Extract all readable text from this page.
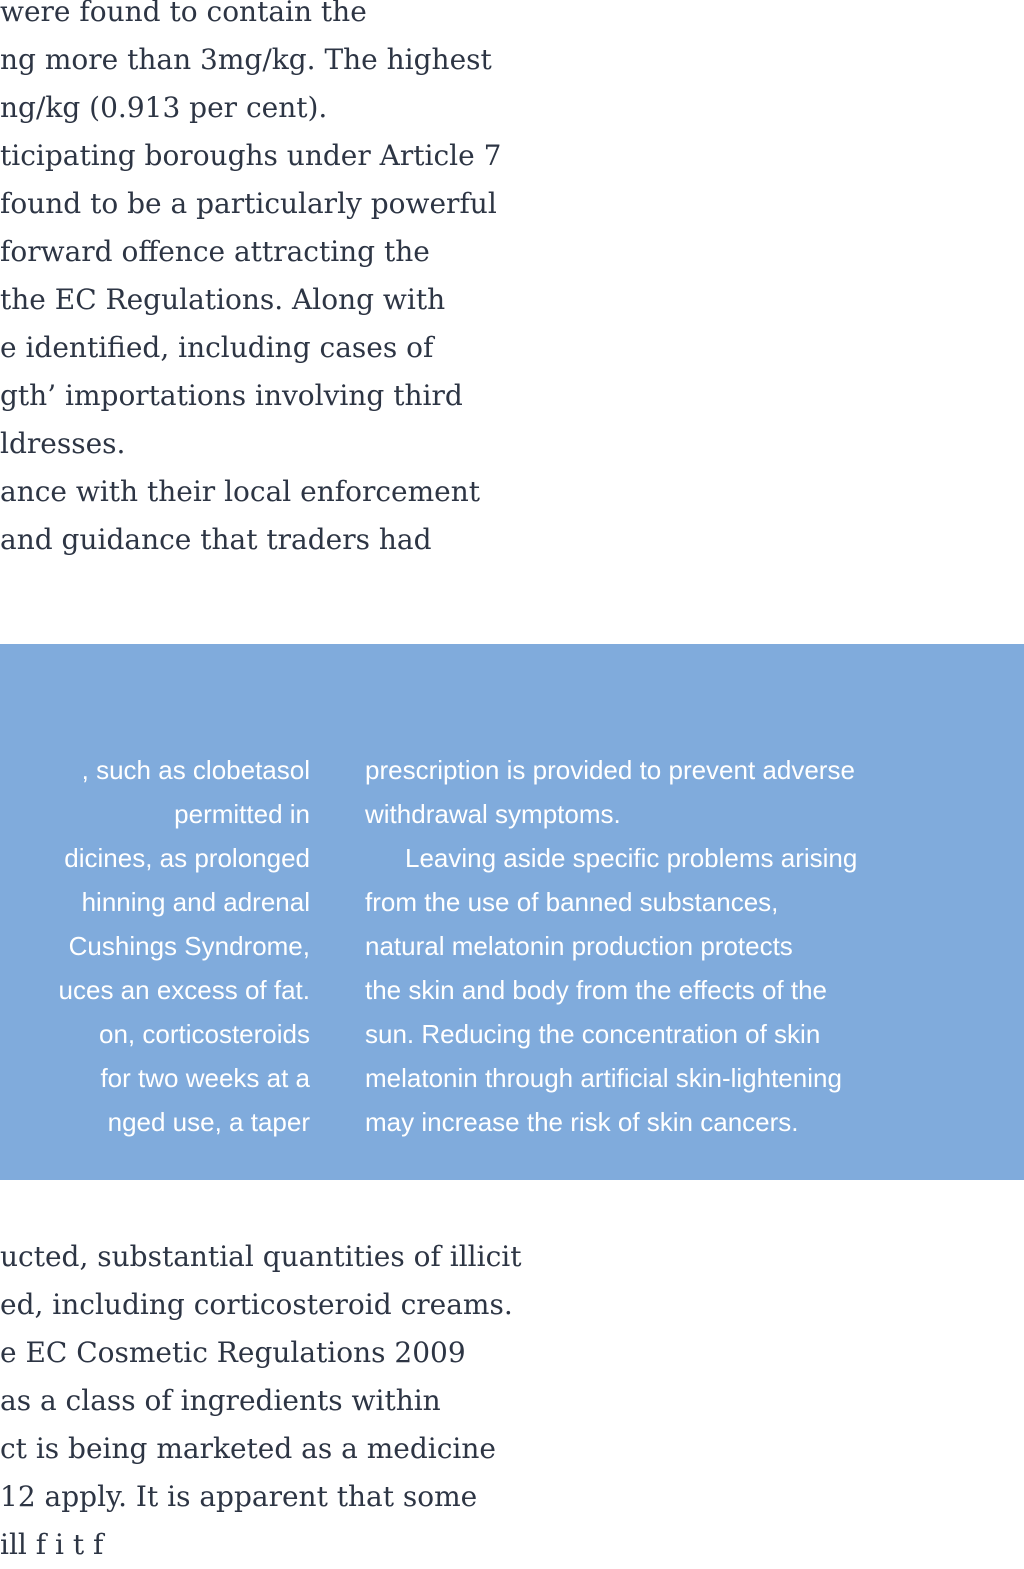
were found to contain the
ng more than 3mg/kg. The highest
ng/kg (0.913 per cent).
ticipating boroughs under Article 7
found to be a particularly powerful
forward offence attracting the
the EC Regulations. Along with
e identified, including cases of
gth’ importations involving third
ldresses.
ance with their local enforcement
and guidance that traders had
, such as clobetasol
permitted in
dicines, as prolonged
hinning and adrenal
Cushings Syndrome,
uces an excess of fat.
on, corticosteroids
for two weeks at a
nged use, a taper
prescription is provided to prevent adverse
withdrawal symptoms.
Leaving aside specific problems arising
from the use of banned substances,
natural melatonin production protects
the skin and body from the effects of the
sun. Reducing the concentration of skin
melatonin through artificial skin-lightening
may increase the risk of skin cancers.
ucted, substantial quantities of illicit
ed, including corticosteroid creams.
e EC Cosmetic Regulations 2009
as a class of ingredients within
ct is being marketed as a medicine
12 apply. It is apparent that some
ill f i t f
